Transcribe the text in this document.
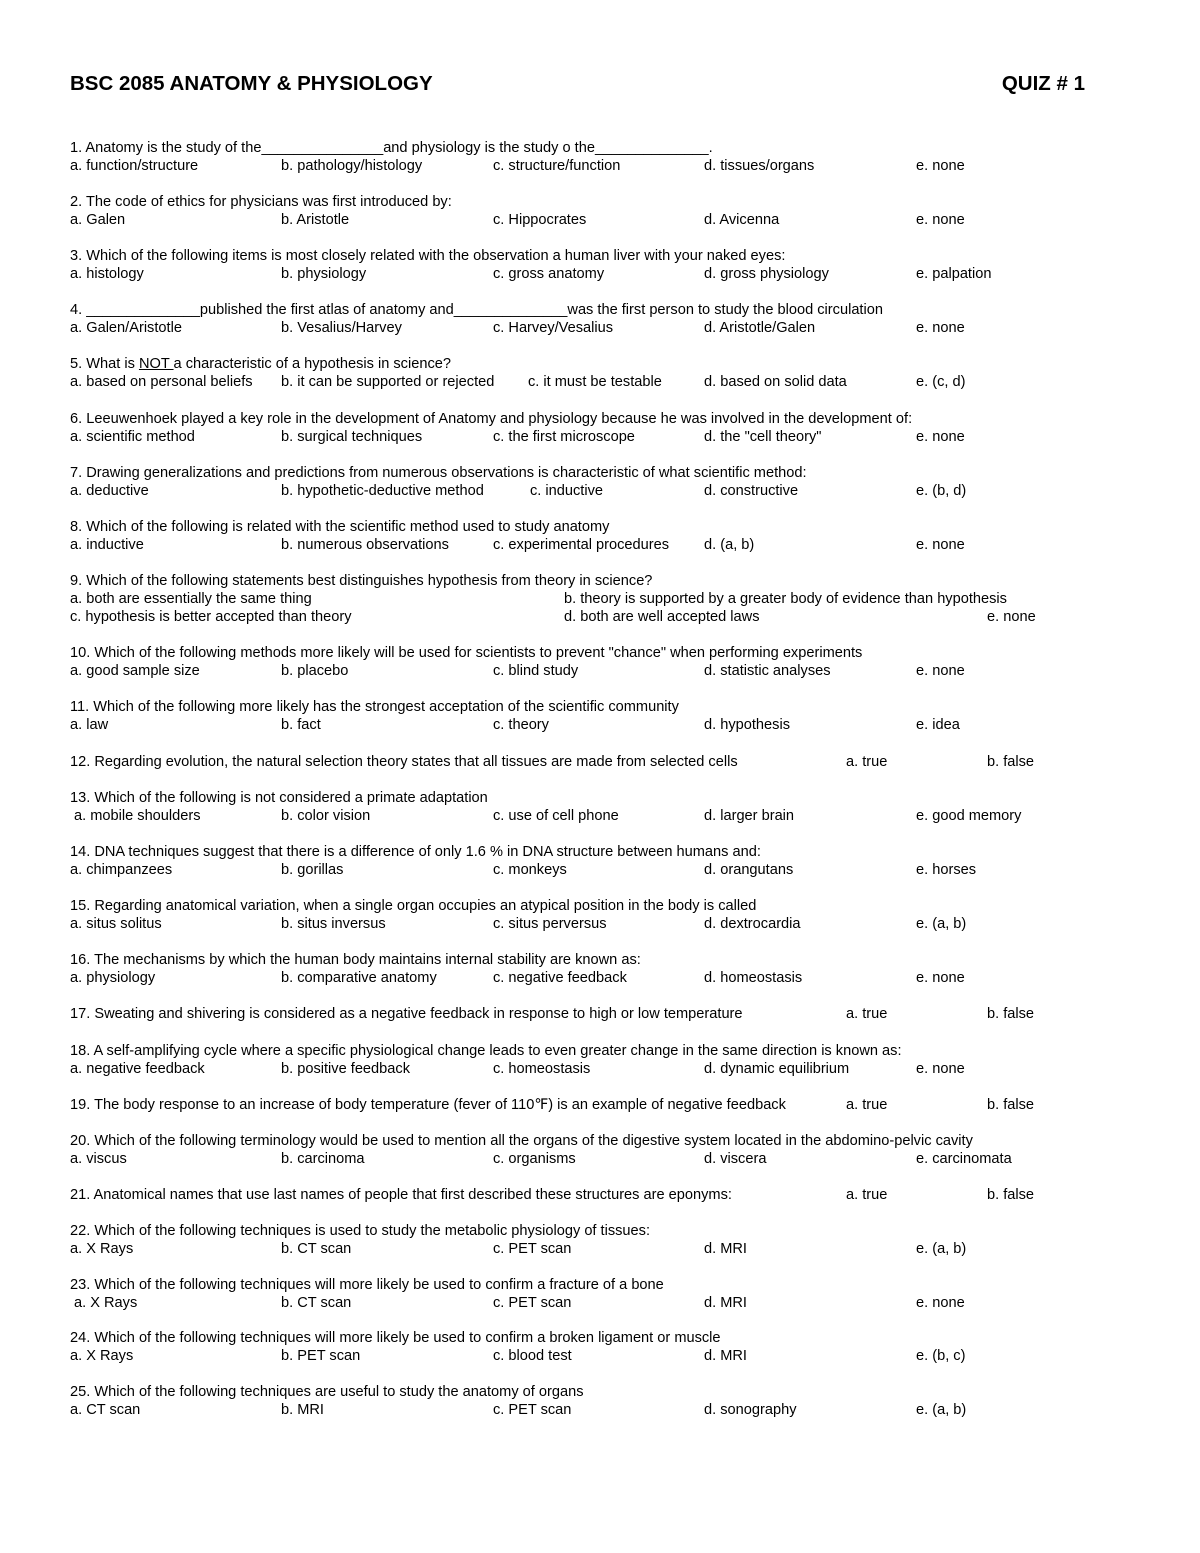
BSC 2085 ANATOMY & PHYSIOLOGY	QUIZ # 1
1. Anatomy is the study of the_______________and physiology is the study o the______________.
a. function/structure	b. pathology/histology	c. structure/function	d. tissues/organs	e. none
2. The code of ethics for physicians was first introduced by:
a. Galen	b. Aristotle	c. Hippocrates	d. Avicenna	e. none
3. Which of the following items is most closely related with the observation a human liver with your naked eyes:
a. histology	b. physiology	c. gross anatomy	d. gross physiology	e. palpation
4. ______________published the first atlas of anatomy and______________was the first person to study the blood circulation
a. Galen/Aristotle	b. Vesalius/Harvey	c. Harvey/Vesalius	d. Aristotle/Galen	e. none
5. What is NOT a characteristic of a hypothesis in science?
a. based on personal beliefs b. it can be supported or rejected c. it must be testable	d. based on solid data	e. (c, d)
6. Leeuwenhoek played a key role in the development of Anatomy and physiology because he was involved in the development of:
a. scientific method	b. surgical techniques	c. the first microscope	d. the "cell theory"	e. none
7. Drawing generalizations and predictions from numerous observations is characteristic of what scientific method:
a. deductive	b. hypothetic-deductive method	c. inductive	d. constructive	e. (b, d)
8. Which of the following is related with the scientific method used to study anatomy
a. inductive	b. numerous observations	c. experimental procedures d. (a, b)	e. none
9. Which of the following statements best distinguishes hypothesis from theory in science?
a. both are essentially the same thing	b. theory is supported by a greater body of evidence than hypothesis
c. hypothesis is better accepted than theory	d. both are well accepted laws	e. none
10. Which of the following methods more likely will be used for scientists to prevent "chance" when performing experiments
a. good sample size	b. placebo	c. blind study	d. statistic analyses	e. none
11. Which of the following more likely has the strongest acceptation of the scientific community
a. law	b. fact	c. theory	d. hypothesis	e. idea
12. Regarding evolution, the natural selection theory states that all tissues are made from selected cells	a. true	b. false
13. Which of the following is not considered a primate adaptation
a. mobile shoulders	b. color vision	c. use of cell phone	d. larger brain	e. good memory
14. DNA techniques suggest that there is a difference of only 1.6 % in DNA structure between humans and:
a. chimpanzees	b. gorillas	c. monkeys	d. orangutans	e. horses
15. Regarding anatomical variation, when a single organ occupies an atypical position in the body is called
a. situs solitus	b. situs inversus	c. situs perversus	d. dextrocardia	e. (a, b)
16. The mechanisms by which the human body maintains internal stability are known as:
a. physiology	b. comparative anatomy	c. negative feedback	d. homeostasis	e. none
17. Sweating and shivering is considered as a negative feedback in response to high or low temperature	a. true	b. false
18. A self-amplifying cycle where a specific physiological change leads to even greater change in the same direction is known as:
a. negative feedback	b. positive feedback	c. homeostasis	d. dynamic equilibrium	e. none
19. The body response to an increase of body temperature (fever of 110℉) is an example of negative feedback	a. true	b. false
20. Which of the following terminology would be used to mention all the organs of the digestive system located in the abdomino-pelvic cavity
a. viscus	b. carcinoma	c. organisms	d. viscera	e. carcinomata
21. Anatomical names that use last names of people that first described these structures are eponyms:	a. true	b. false
22. Which of the following techniques is used to study the metabolic physiology of tissues:
a. X Rays	b. CT scan	c. PET scan	d. MRI	e. (a, b)
23. Which of the following techniques will more likely be used to confirm a fracture of a bone
a. X Rays	b. CT scan	c. PET scan	d. MRI	e. none
24. Which of the following techniques will more likely be used to confirm a broken ligament or muscle
a. X Rays	b. PET scan	c. blood test	d. MRI	e. (b, c)
25. Which of the following techniques are useful to study the anatomy of organs
a. CT scan	b. MRI	c. PET scan	d. sonography	e. (a, b)
